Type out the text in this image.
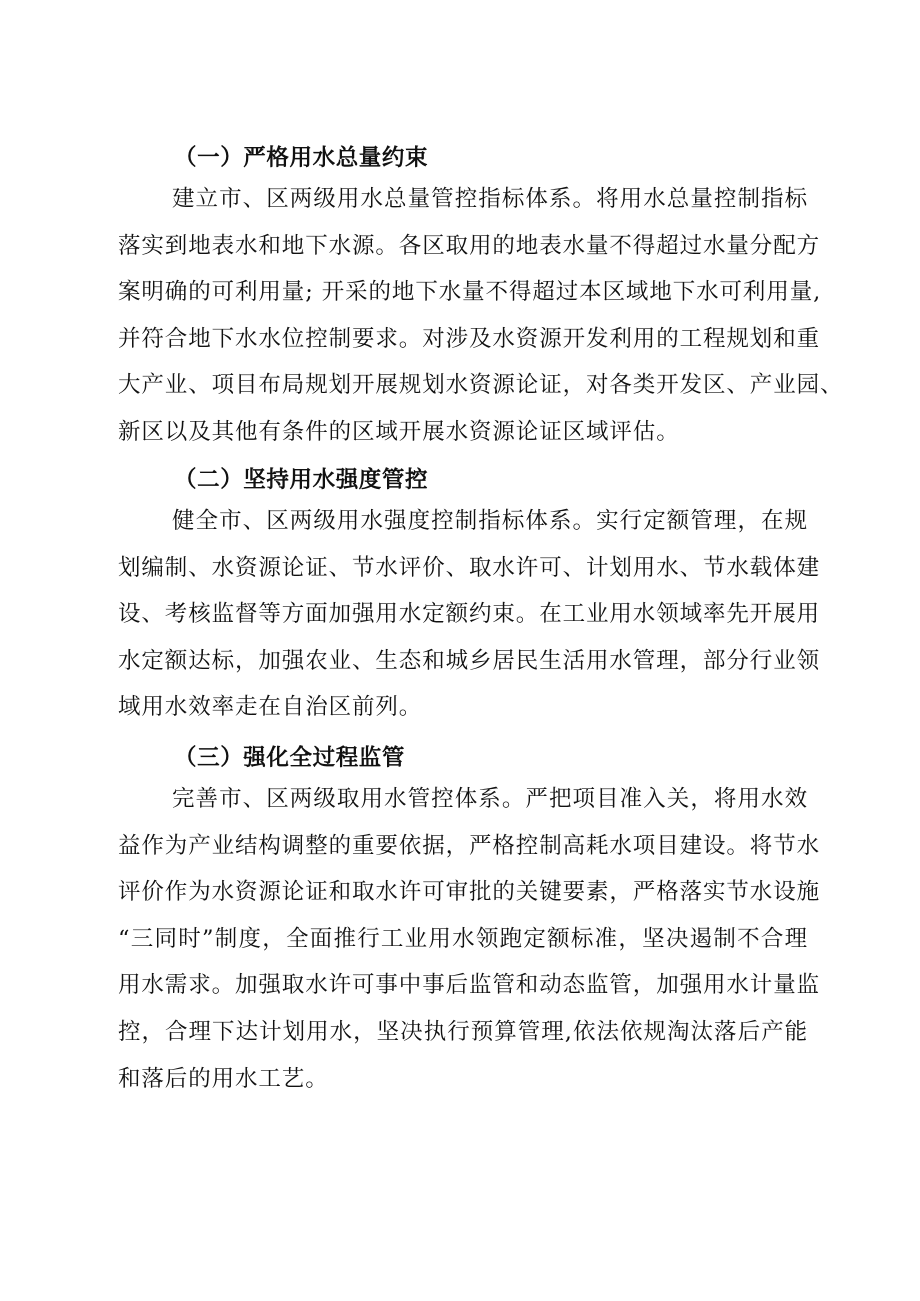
（一）严格用水总量约束
建立市、区两级用水总量管控指标体系。将用水总量控制指标
落实到地表水和地下水源。各区取用的地表水量不得超过水量分配方
案明确的可利用量; 开采的地下水量不得超过本区域地下水可利用量,
并符合地下水水位控制要求。对涉及水资源开发利用的工程规划和重
大产业、项目布局规划开展规划水资源论证，对各类开发区、产业园、
新区以及其他有条件的区域开展水资源论证区域评估。
（二）坚持用水强度管控
健全市、区两级用水强度控制指标体系。实行定额管理，在规
划编制、水资源论证、节水评价、取水许可、计划用水、节水载体建
设、考核监督等方面加强用水定额约束。在工业用水领域率先开展用
水定额达标，加强农业、生态和城乡居民生活用水管理，部分行业领
域用水效率走在自治区前列。
（三）强化全过程监管
完善市、区两级取用水管控体系。严把项目准入关，将用水效
益作为产业结构调整的重要依据，严格控制高耗水项目建设。将节水
评价作为水资源论证和取水许可审批的关键要素，严格落实节水设施
“三同时”制度，全面推行工业用水领跑定额标准，坚决遏制不合理
用水需求。加强取水许可事中事后监管和动态监管，加强用水计量监
控，合理下达计划用水，坚决执行预算管理,依法依规淘汰落后产能
和落后的用水工艺。
